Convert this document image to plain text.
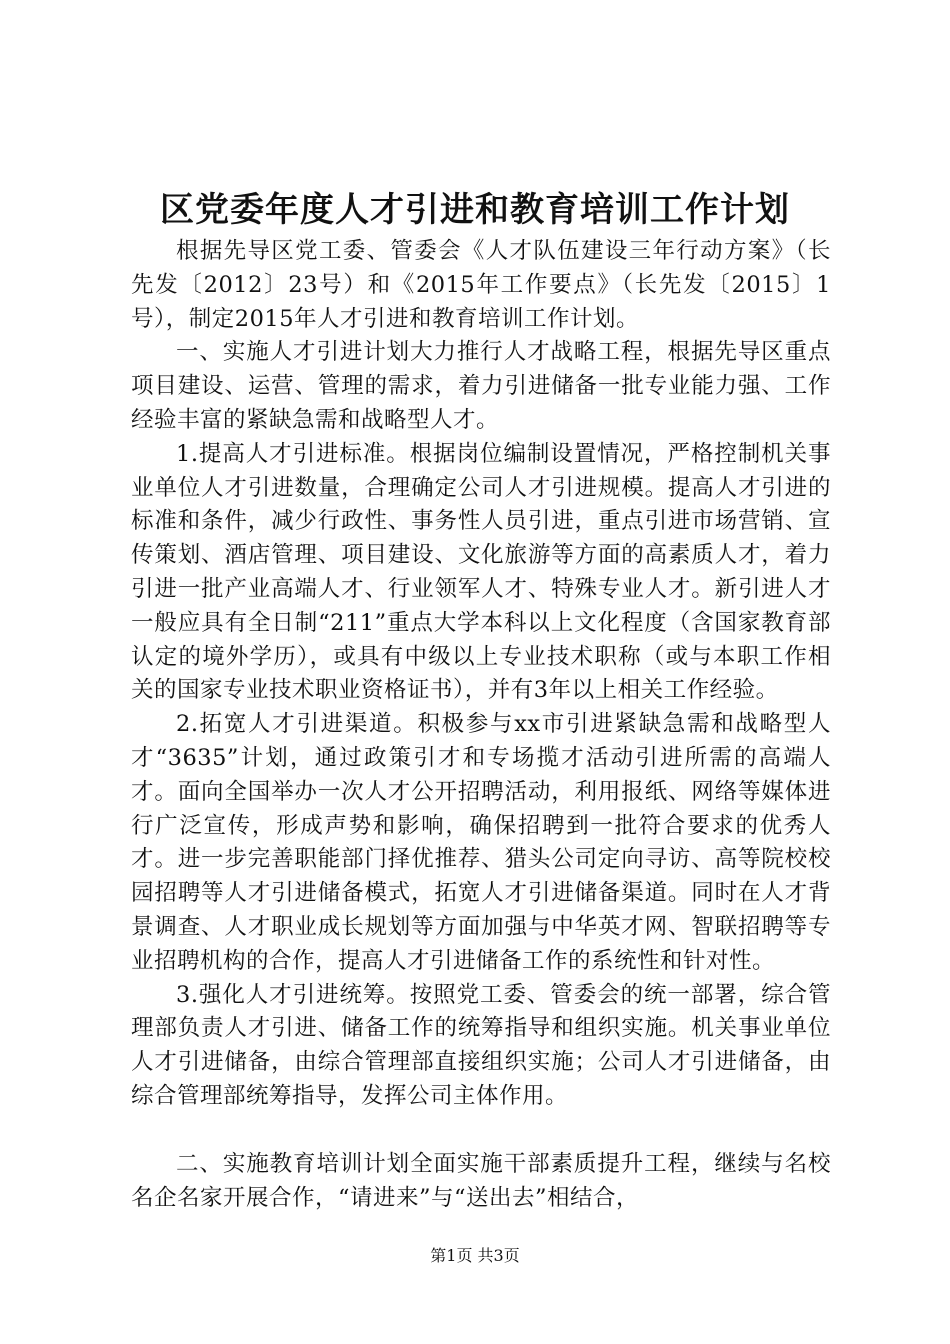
区党委年度人才引进和教育培训工作计划

根据先导区党工委、管委会《人才队伍建设三年行动方案》（长先发〔2012〕23号）和《2015年工作要点》（长先发〔2015〕1号），制定2015年人才引进和教育培训工作计划。

一、实施人才引进计划大力推行人才战略工程，根据先导区重点项目建设、运营、管理的需求，着力引进储备一批专业能力强、工作经验丰富的紧缺急需和战略型人才。

1.提高人才引进标准。根据岗位编制设置情况，严格控制机关事业单位人才引进数量，合理确定公司人才引进规模。提高人才引进的标准和条件，减少行政性、事务性人员引进，重点引进市场营销、宣传策划、酒店管理、项目建设、文化旅游等方面的高素质人才，着力引进一批产业高端人才、行业领军人才、特殊专业人才。新引进人才一般应具有全日制“211”重点大学本科以上文化程度（含国家教育部认定的境外学历），或具有中级以上专业技术职称（或与本职工作相关的国家专业技术职业资格证书），并有3年以上相关工作经验。

2.拓宽人才引进渠道。积极参与xx市引进紧缺急需和战略型人才“3635”计划，通过政策引才和专场揽才活动引进所需的高端人才。面向全国举办一次人才公开招聘活动，利用报纸、网络等媒体进行广泛宣传，形成声势和影响，确保招聘到一批符合要求的优秀人才。进一步完善职能部门择优推荐、猎头公司定向寻访、高等院校校园招聘等人才引进储备模式，拓宽人才引进储备渠道。同时在人才背景调查、人才职业成长规划等方面加强与中华英才网、智联招聘等专业招聘机构的合作，提高人才引进储备工作的系统性和针对性。

3.强化人才引进统筹。按照党工委、管委会的统一部署，综合管理部负责人才引进、储备工作的统筹指导和组织实施。机关事业单位人才引进储备，由综合管理部直接组织实施；公司人才引进储备，由综合管理部统筹指导，发挥公司主体作用。

二、实施教育培训计划全面实施干部素质提升工程，继续与名校名企名家开展合作，“请进来”与“送出去”相结合，

第1页 共3页
